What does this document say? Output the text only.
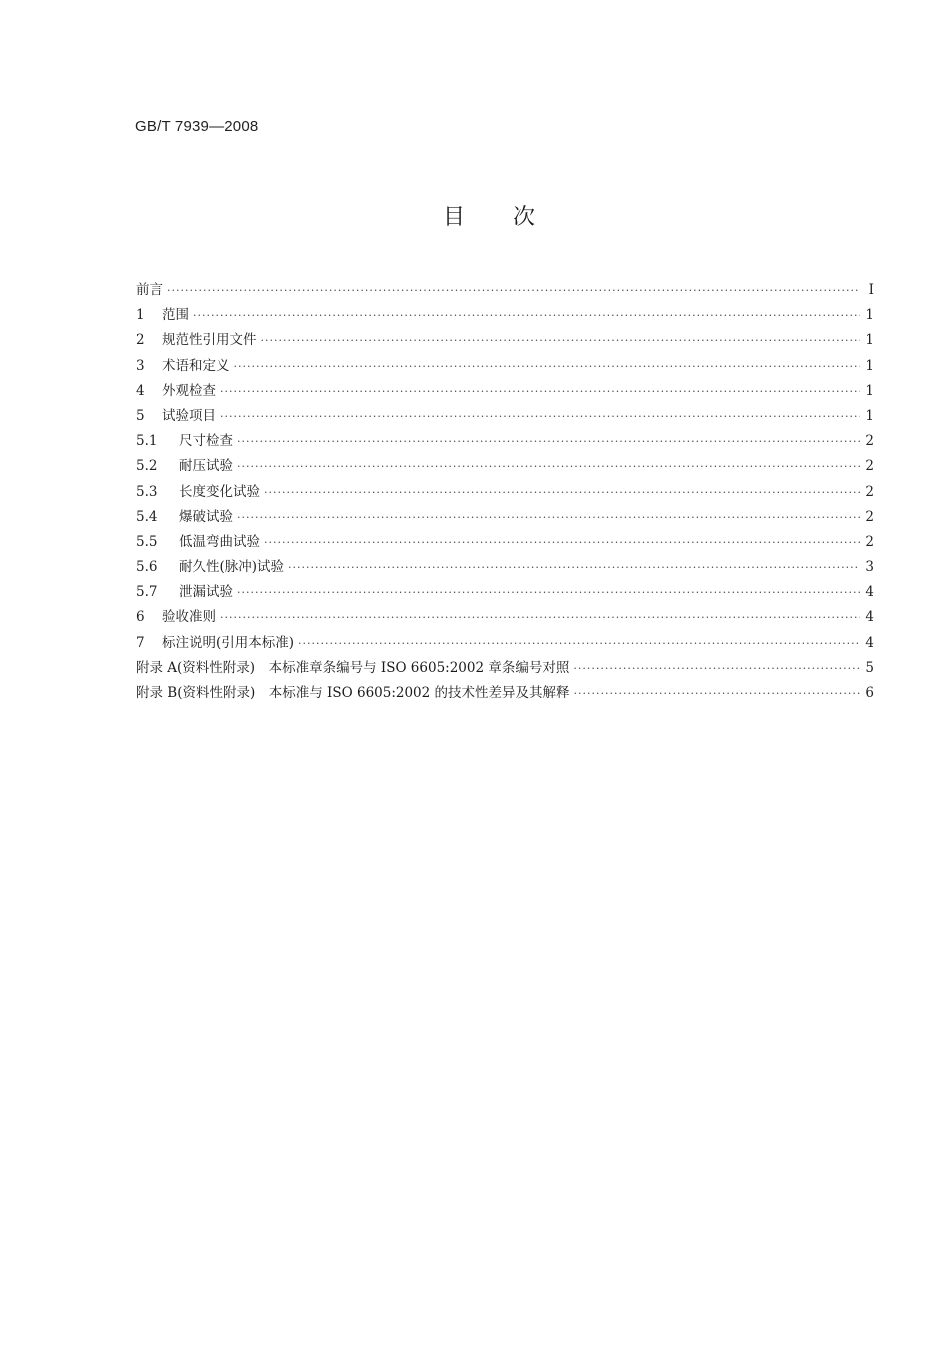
GB/T 7939—2008
目 次
前言 ·····	Ⅰ
1	范围 ·····	1
2	规范性引用文件 ·····	1
3	术语和定义 ·····	1
4	外观检查 ·····	1
5	试验项目 ·····	1
5.1	尺寸检查 ·····	2
5.2	耐压试验 ·····	2
5.3	长度变化试验 ·····	2
5.4	爆破试验 ·····	2
5.5	低温弯曲试验 ·····	2
5.6	耐久性(脉冲)试验 ·····	3
5.7	泄漏试验 ·····	4
6	验收准则 ·····	4
7	标注说明(引用本标准) ·····	4
附录 A(资料性附录)　本标准章条编号与 ISO 6605:2002 章条编号对照 ·····	5
附录 B(资料性附录)　本标准与 ISO 6605:2002 的技术性差异及其解释 ·····	6
